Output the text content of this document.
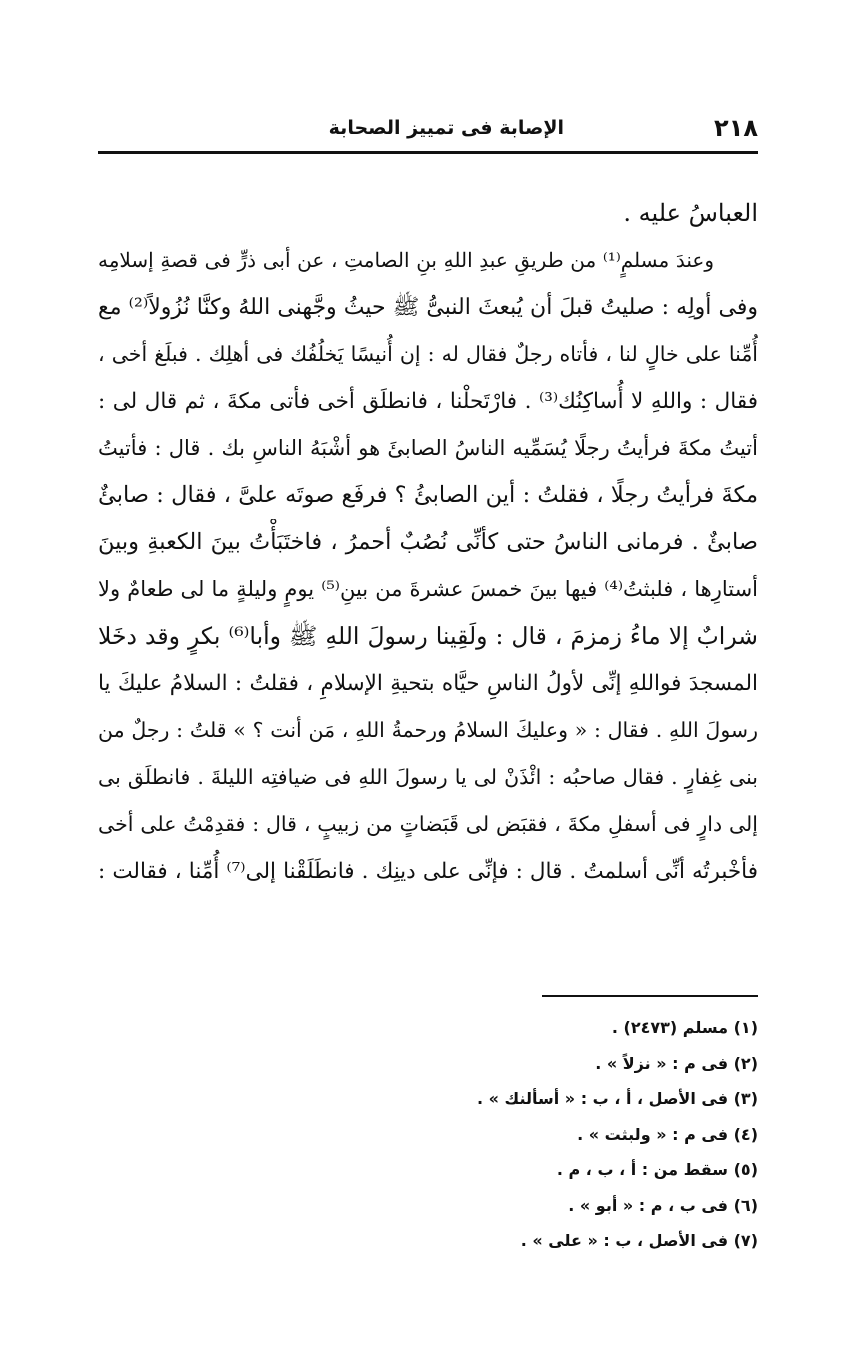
٢١٨
الإصابة فى تمييز الصحابة
العباسُ عليه .
وعندَ مسلمٍ⁽¹⁾ من طريقِ عبدِ اللهِ بنِ الصامتِ ، عن أبى ذرٍّ فى قصةِ إسلامِه
وفى أولِه : صليتُ قبلَ أن يُبعثَ النبىُّ ﷺ حيثُ وجَّهنى اللهُ وكنَّا نُزُولاً⁽²⁾ مع
أُمِّنا على خالٍ لنا ، فأتاه رجلٌ فقال له : إن أُنيسًا يَخلُفُك فى أهلِك . فبلَغ أخى ،
فقال : واللهِ لا أُساكِنُك⁽³⁾ . فارْتَحلْنا ، فانطلَق أخى فأتى مكةَ ، ثم قال لى :
أتيتُ مكةَ فرأيتُ رجلًا يُسَمِّيه الناسُ الصابئَ هو أشْبَهُ الناسِ بك . قال : فأتيتُ
مكةَ فرأيتُ رجلًا ، فقلتُ : أين الصابئُ ؟ فرفَع صوتَه علىَّ ، فقال : صابئٌ
صابئٌ . فرمانى الناسُ حتى كأنِّى نُصُبٌ أحمرُ ، فاختَبَأْتُ بينَ الكعبةِ وبينَ
أستارِها ، فلبثتُ⁽⁴⁾ فيها بينَ خمسَ عشرةَ من بينِ⁽⁵⁾ يومٍ وليلةٍ ما لى طعامٌ ولا
شرابٌ إلا ماءُ زمزمَ ، قال : ولَقِينا رسولَ اللهِ ﷺ وأبا⁽⁶⁾ بكرٍ وقد دخَلا
المسجدَ فواللهِ إنِّى لأولُ الناسِ حيَّاه بتحيةِ الإسلامِ ، فقلتُ : السلامُ عليكَ يا
رسولَ اللهِ . فقال : « وعليكَ السلامُ ورحمةُ اللهِ ، مَن أنت ؟ » قلتُ : رجلٌ من
بنى غِفارٍ . فقال صاحبُه : ائْذَنْ لى يا رسولَ اللهِ فى ضيافتِه الليلةَ . فانطلَق بى
إلى دارٍ فى أسفلِ مكةَ ، فقبَض لى قَبَضاتٍ من زبيبٍ ، قال : فقدِمْتُ على أخى
فأخْبرتُه أنِّى أسلمتُ . قال : فإنِّى على دينِك . فانطَلَقْنا إلى⁽⁷⁾ أُمِّنا ، فقالت :
(١) مسلم (٢٤٧٣) .
(٢) فى م : « نزلاً » .
(٣) فى الأصل ، أ ، ب : « أسألنك » .
(٤) فى م : « ولبثت » .
(٥) سقط من : أ ، ب ، م .
(٦) فى ب ، م : « أبو » .
(٧) فى الأصل ، ب : « على » .
